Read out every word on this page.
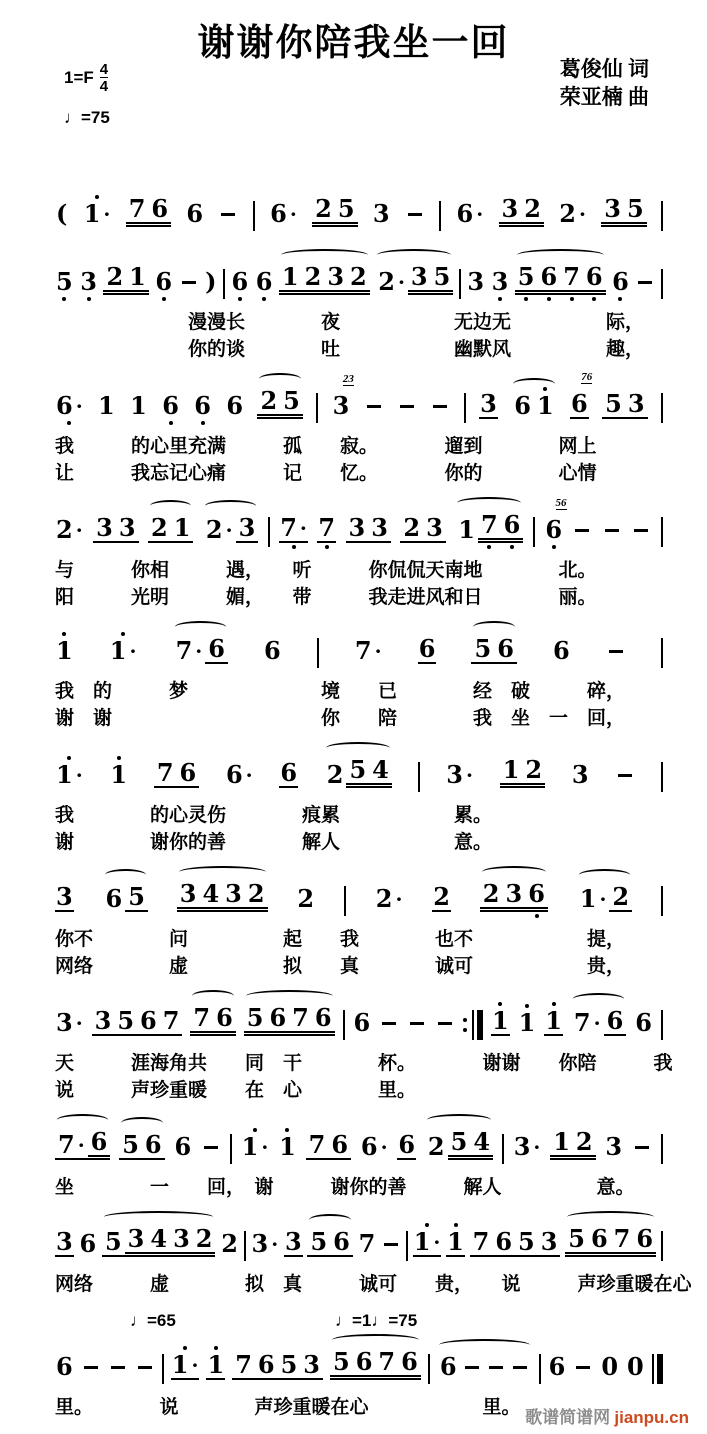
谢谢你陪我坐一回
葛俊仙 词
荣亚楠 曲
$1=F \frac{4}{4}$
♩=75
( 1 · 7 6 6	6 · 2 5 3	6 · 3 2 2 · 3 5
5 3 2 1 6 ) 6 6 1 2 3 2 2 · 3 5 3 3 5 6 7 6 6
　　　　　　　漫漫长　　　　夜　　　　　　无边无　　　　　际，
　　　　　　　你的谈　　　　吐　　　　　　幽默风　　　　　趣，
6 · 1 1 6 6 6 2 5
23
3	3 6 1
76
6 5 3
我　　　的心里充满　　　孤　　寂。　　　　遛到　　　　网上
让　　　我忘记心痛　　　记　　忆。　　　　你的　　　　心情
2 · 3 3 2 1 2 · 3 7 · 7 3 3 2 3 1 7 6
56
6
与　　　你相　　　遇，　　听　　　你侃侃天南地　　　　北。
阳　　　光明　　　媚，　　带　　　我走进风和日　　　　丽。
1 1 · 7 · 6 6	7 · 6 5 6 6
我　的　　　梦　　　　　　　境　　已　　　　经　破　　　碎，
谢　谢　　　　　　　　　　　你　　陪　　　　我　坐　一　回，
1 · 1 7 6 6 · 6 2 5 4 3 · 1 2 3
我　　　　的心灵伤　　　　痕累　　　　　　累。
谢　　　　谢你的善　　　　解人　　　　　　意。
3 6 5 3 4 3 2 2	2 · 2 2 3 6 1 · 2
你不　　　　问　　　　　起　　我　　　　也不　　　　　　提，
网络　　　　虚　　　　　拟　　真　　　　诚可　　　　　　贵，
3 · 3 5 6 7 7 6 5 6 7 6 6	1 1 1 7 · 6 6
天　　　涯海角共　　同　干　　　　杯。　　　　谢谢　　你陪　　　我
说　　　声珍重暖　　在　心　　　　里。
7 · 6 5 6 6 1 · 1 7 6 6 · 6 2 5 4 3 · 1 2 3
坐　　　　一　　回，　谢　　　谢你的善　　　解人　　　　　意。
3 6 5 3 4 3 2 2 3 · 3 5 6 7 1 · 1 7 6 5 3 5 6 7 6
网络　　　虚　　　　拟　真　　　诚可　　贵，　　说　　　声珍重暖在心
♩=65	♩=1♩=75
6	1 · 1 7 6 5 3 5 6 7 6 6	6 0 0
里。　　　　说　　　　声珍重暖在心　　　　　　里。 歌谱简谱网 jianpu.cn
